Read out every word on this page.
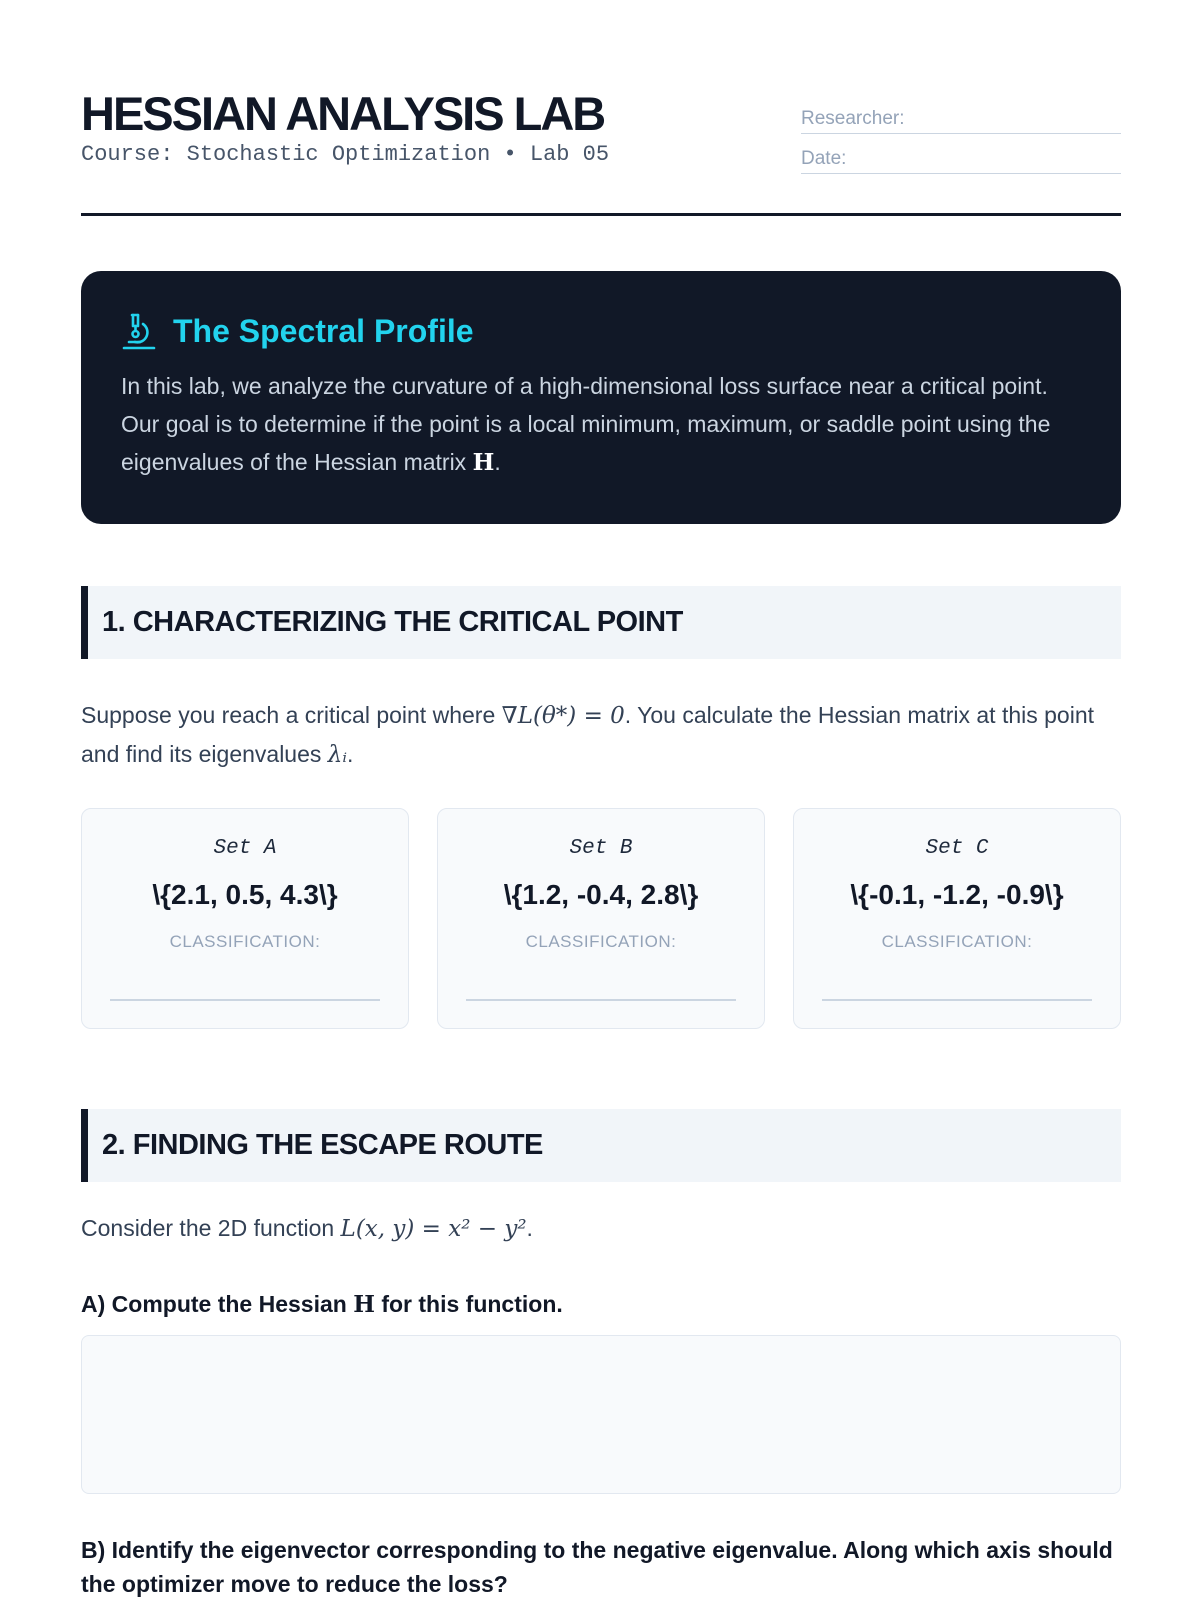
HESSIAN ANALYSIS LAB
Course: Stochastic Optimization • Lab 05
Researcher:
Date:
The Spectral Profile

In this lab, we analyze the curvature of a high-dimensional loss surface near a critical point. Our goal is to determine if the point is a local minimum, maximum, or saddle point using the eigenvalues of the Hessian matrix H.

1. CHARACTERIZING THE CRITICAL POINT

Suppose you reach a critical point where ∇L(θ*) = 0. You calculate the Hessian matrix at this point and find its eigenvalues λᵢ.

Set A
\{2.1, 0.5, 4.3\}
CLASSIFICATION:
Set B
\{1.2, -0.4, 2.8\}
CLASSIFICATION:
Set C
\{-0.1, -1.2, -0.9\}
CLASSIFICATION:
2. FINDING THE ESCAPE ROUTE

Consider the 2D function L(x, y) = x² − y².

A) Compute the Hessian H for this function.

B) Identify the eigenvector corresponding to the negative eigenvalue. Along which axis should the optimizer move to reduce the loss?
